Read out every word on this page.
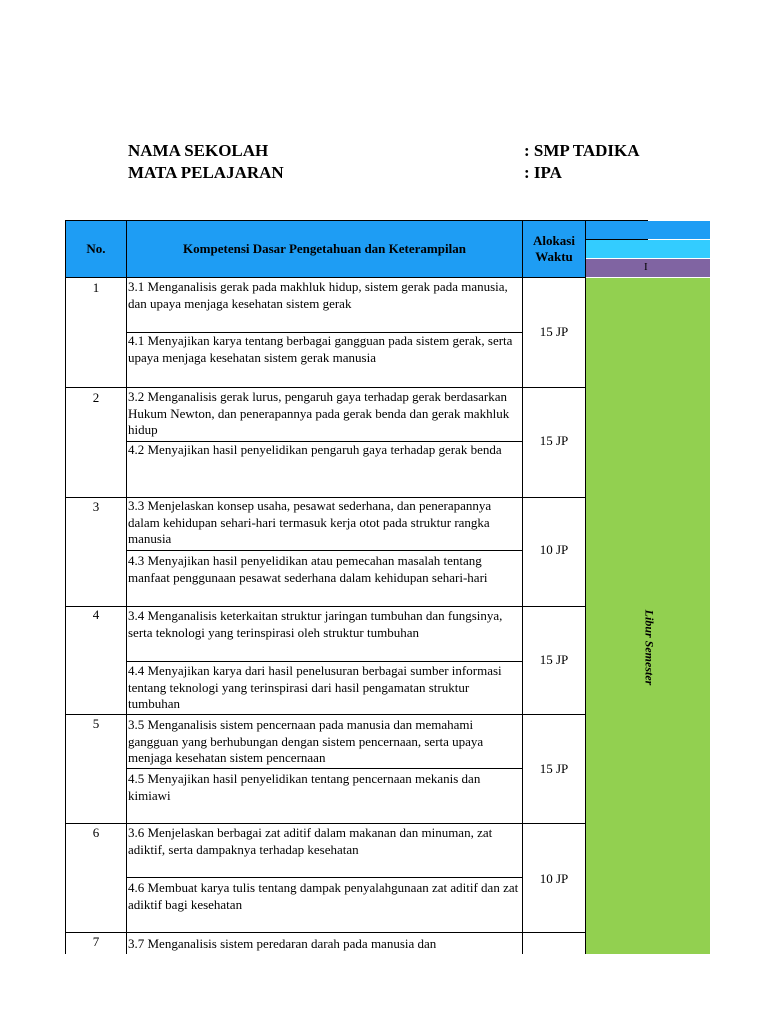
NAMA SEKOLAH	: SMP TADIKA
MATA PELAJARAN	: IPA
No.	Kompetensi Dasar Pengetahuan dan Keterampilan
Alokasi
Waktu
I
Libur Semester
1	3.1 Menganalisis gerak pada makhluk hidup, sistem gerak pada manusia, dan upaya menjaga kesehatan sistem gerak
4.1 Menyajikan karya tentang berbagai gangguan pada sistem gerak, serta upaya menjaga kesehatan sistem gerak manusia
15 JP
2	3.2 Menganalisis gerak lurus, pengaruh gaya terhadap gerak berdasarkan Hukum Newton, dan penerapannya pada gerak benda dan gerak makhluk hidup
4.2 Menyajikan hasil penyelidikan pengaruh gaya terhadap gerak benda
15 JP
3	3.3 Menjelaskan konsep usaha, pesawat sederhana, dan penerapannya dalam kehidupan sehari-hari termasuk kerja otot pada struktur rangka manusia
4.3 Menyajikan hasil penyelidikan atau pemecahan masalah tentang manfaat penggunaan pesawat sederhana dalam kehidupan sehari-hari
10 JP
4	3.4 Menganalisis keterkaitan struktur jaringan tumbuhan dan fungsinya, serta teknologi yang terinspirasi oleh struktur tumbuhan
4.4 Menyajikan karya dari hasil penelusuran berbagai sumber informasi tentang teknologi yang terinspirasi dari hasil pengamatan struktur tumbuhan
15 JP
5	3.5 Menganalisis sistem pencernaan pada manusia dan memahami gangguan yang berhubungan dengan sistem pencernaan, serta upaya menjaga kesehatan sistem pencernaan
4.5 Menyajikan hasil penyelidikan tentang pencernaan mekanis dan kimiawi
15 JP
6	3.6 Menjelaskan berbagai zat aditif dalam makanan dan minuman, zat adiktif, serta dampaknya terhadap kesehatan
4.6 Membuat karya tulis tentang dampak penyalahgunaan zat aditif dan zat adiktif bagi kesehatan
10 JP
7	3.7 Menganalisis sistem peredaran darah pada manusia dan
